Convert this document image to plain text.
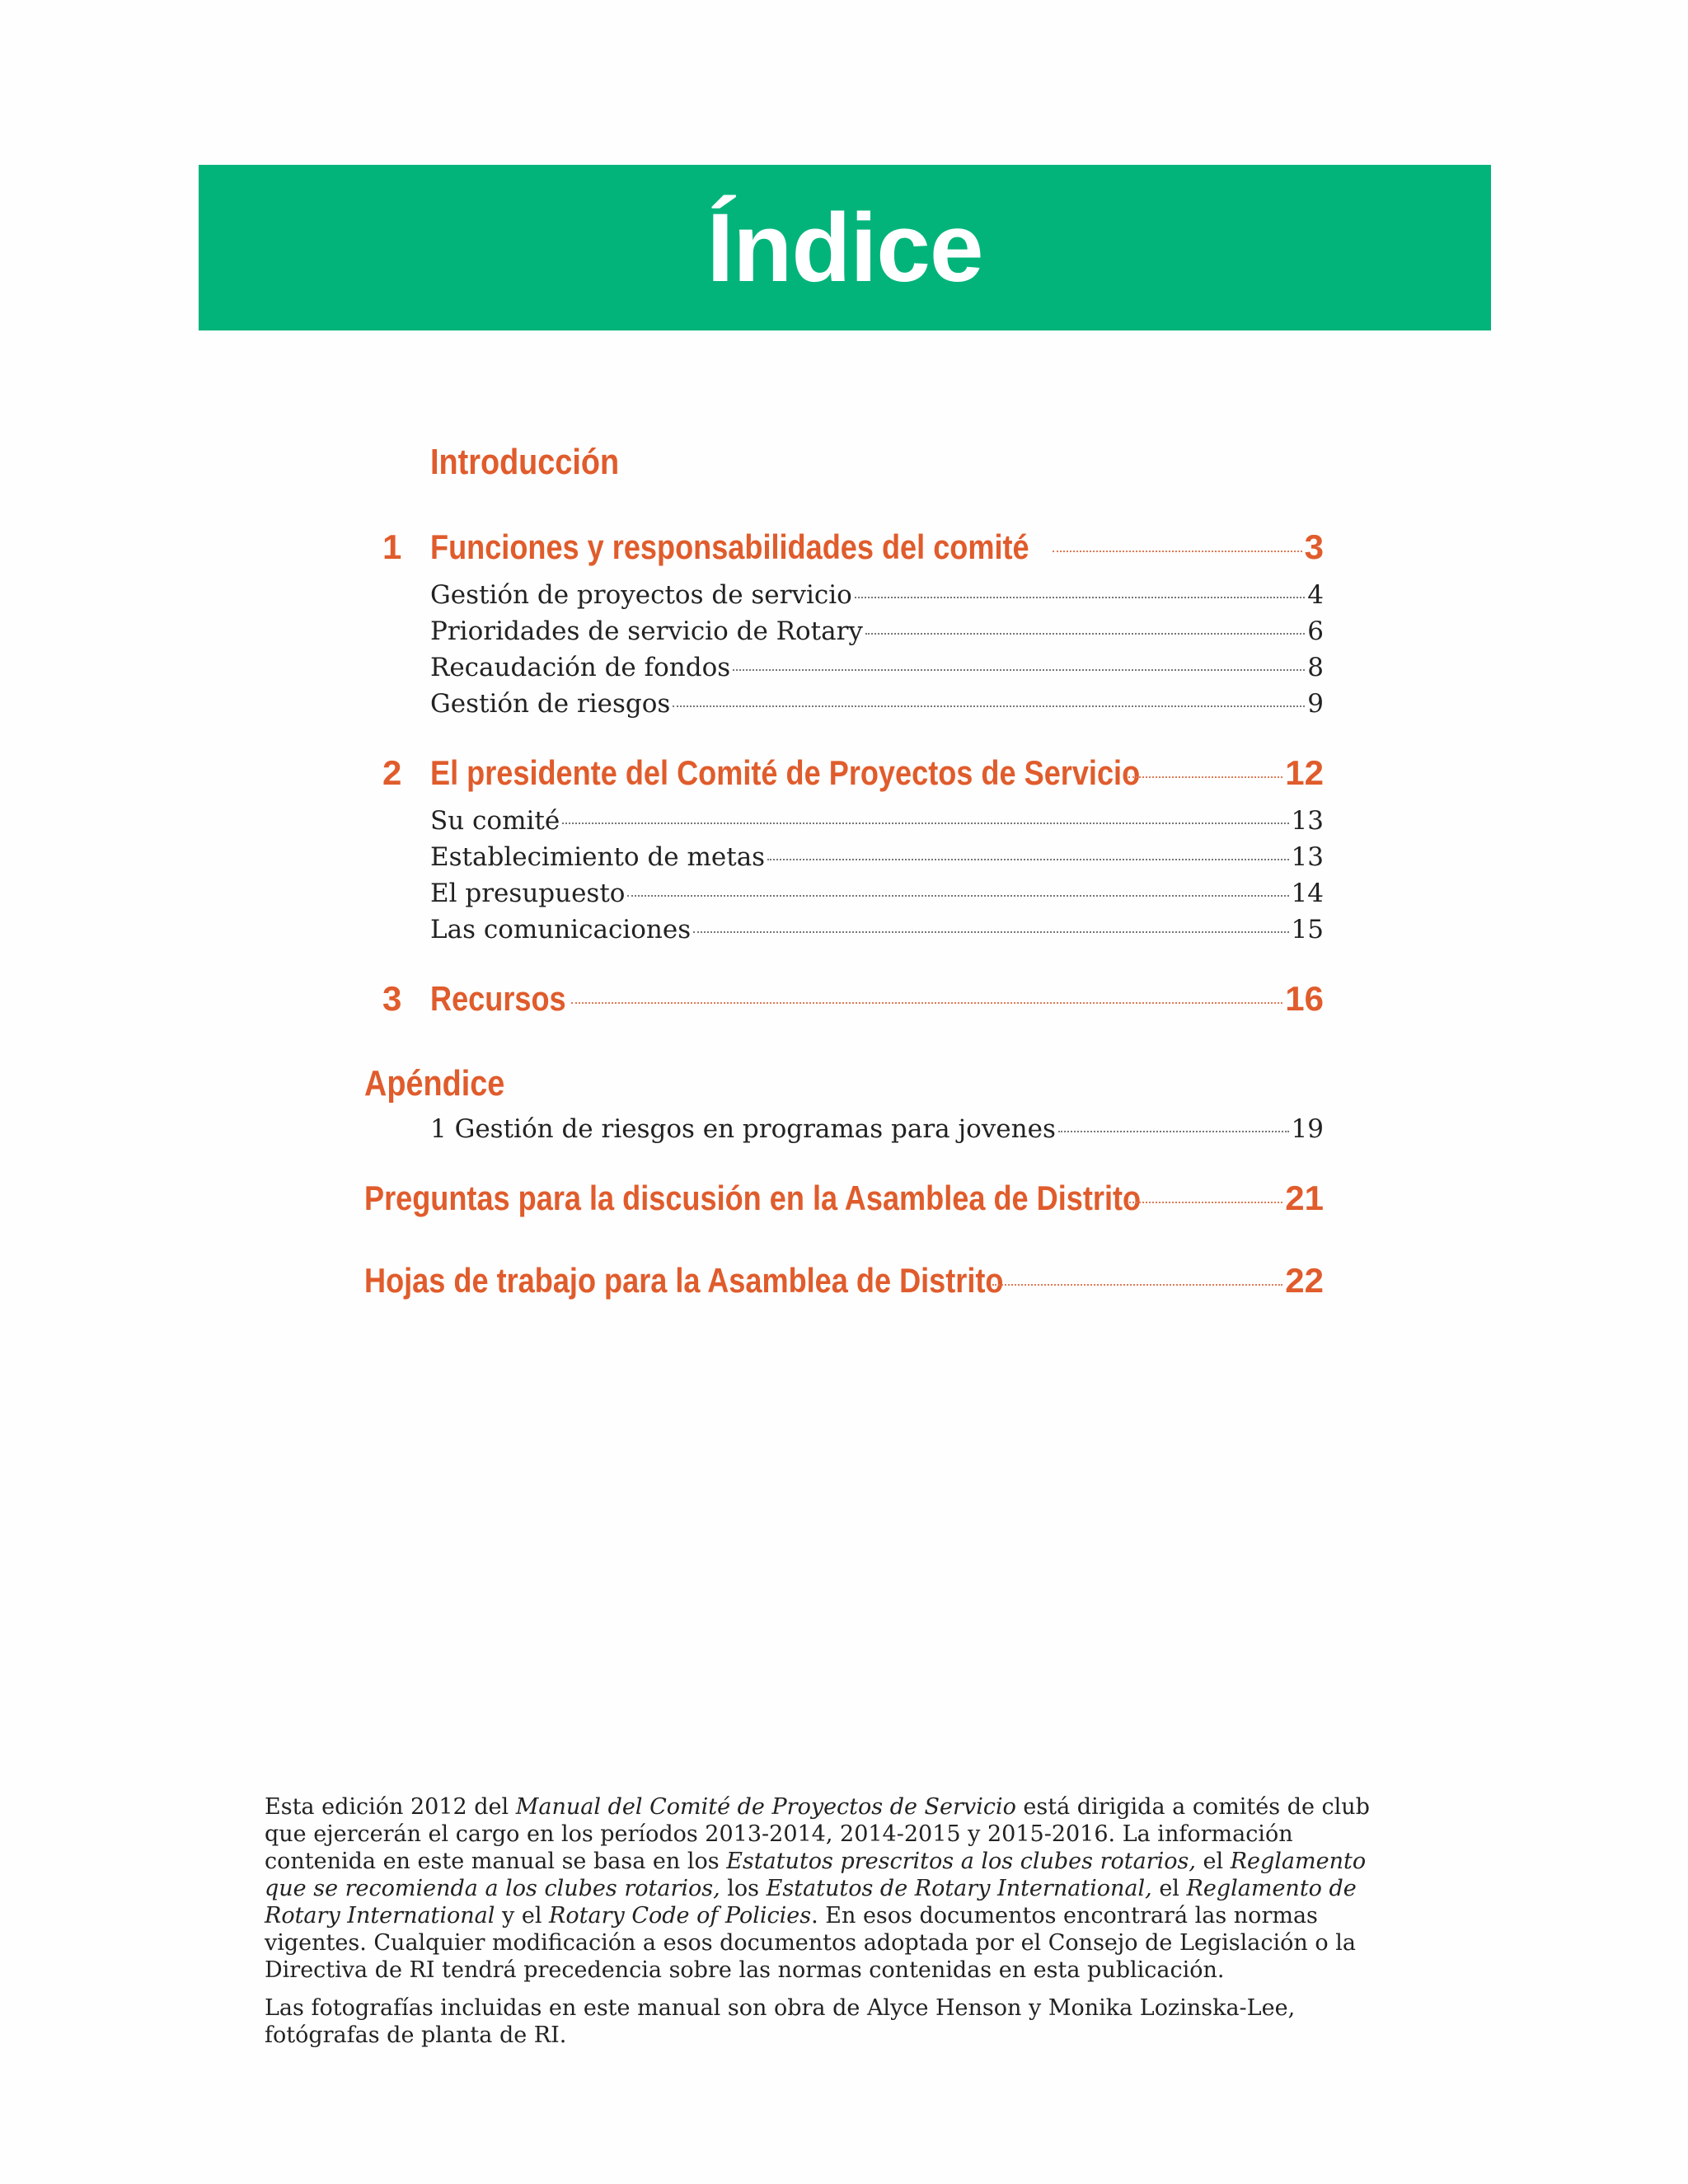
Índice
Introducción
1 Funciones y responsabilidades del comité	3
Gestión de proyectos de servicio	4
Prioridades de servicio de Rotary	6
Recaudación de fondos	8
Gestión de riesgos	9
2 El presidente del Comité de Proyectos de Servicio	12
Su comité	13
Establecimiento de metas	13
El presupuesto	14
Las comunicaciones	15
3 Recursos	16
Apéndice
1 Gestión de riesgos en programas para jovenes	19
Preguntas para la discusión en la Asamblea de Distrito	21
Hojas de trabajo para la Asamblea de Distrito	22

Esta edición 2012 del Manual del Comité de Proyectos de Servicio está dirigida a comités de club que ejercerán el cargo en los períodos 2013-2014, 2014-2015 y 2015-2016. La información contenida en este manual se basa en los Estatutos prescritos a los clubes rotarios, el Reglamento que se recomienda a los clubes rotarios, los Estatutos de Rotary International, el Reglamento de Rotary International y el Rotary Code of Policies. En esos documentos encontrará las normas vigentes. Cualquier modificación a esos documentos adoptada por el Consejo de Legislación o la Directiva de RI tendrá precedencia sobre las normas contenidas en esta publicación.

Las fotografías incluidas en este manual son obra de Alyce Henson y Monika Lozinska-Lee, fotógrafas de planta de RI.
